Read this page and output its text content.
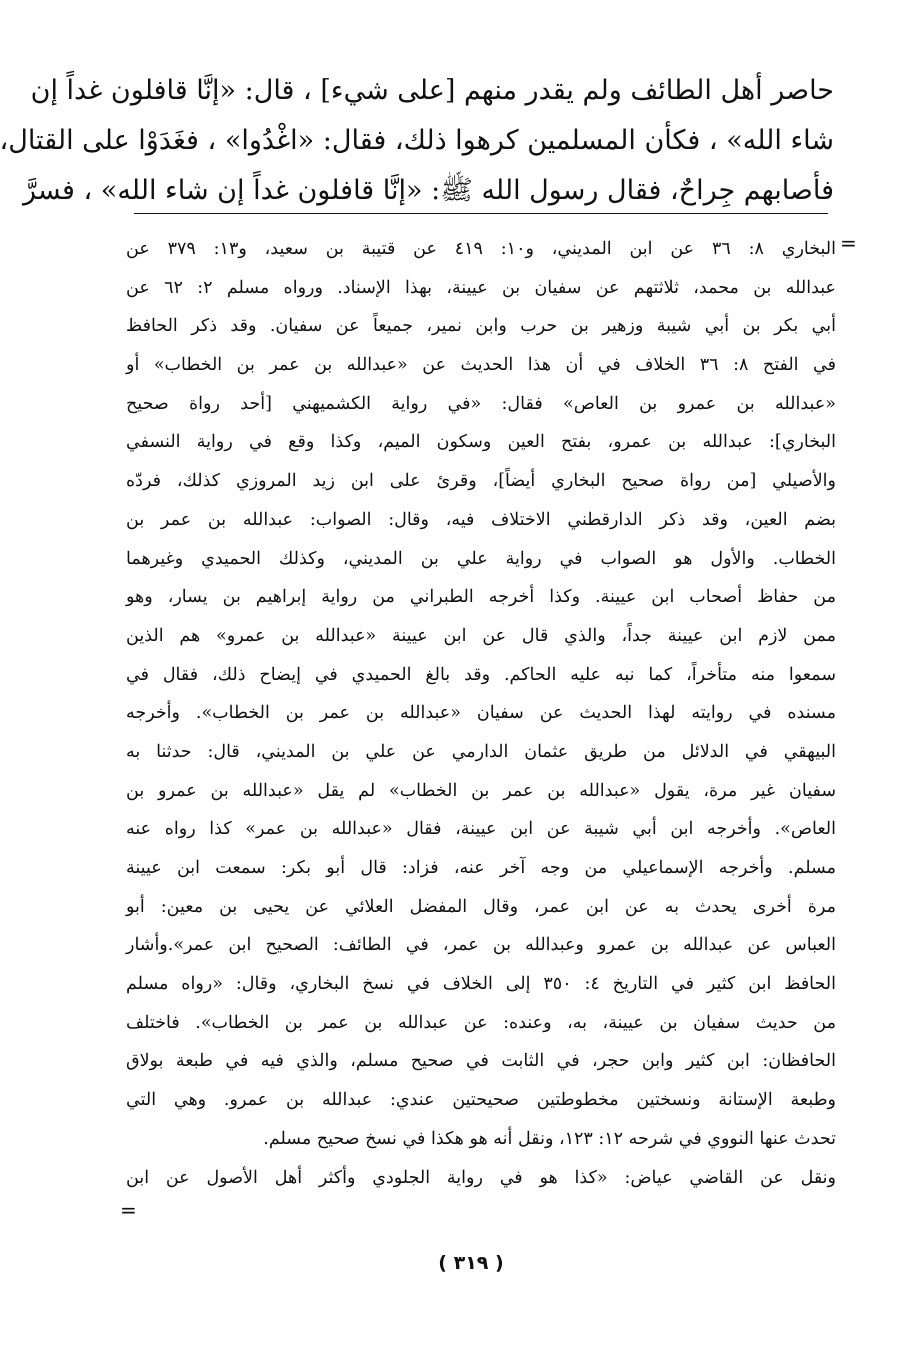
حاصر أهل الطائف ولم يقدر منهم [على شيء] ، قال: «إنَّا قافلون غداً إن
شاء الله» ، فكأن المسلمين كرهوا ذلك، فقال: «اغْدُوا» ، فغَدَوْا على القتال،
فأصابهم جِراحٌ، فقال رسول الله ﷺ: «إنَّا قافلون غداً إن شاء الله» ، فسرَّ
=
البخاري ٨: ٣٦ عن ابن المديني، و١٠: ٤١٩ عن قتيبة بن سعيد، و١٣: ٣٧٩ عن
عبدالله بن محمد، ثلاثتهم عن سفيان بن عيينة، بهذا الإسناد. ورواه مسلم ٢: ٦٢ عن
أبي بكر بن أبي شيبة وزهير بن حرب وابن نمير، جميعاً عن سفيان. وقد ذكر الحافظ
في الفتح ٨: ٣٦ الخلاف في أن هذا الحديث عن «عبدالله بن عمر بن الخطاب» أو
«عبدالله بن عمرو بن العاص» فقال: «في رواية الكشميهني [أحد رواة صحيح
البخاري]: عبدالله بن عمرو، بفتح العين وسكون الميم، وكذا وقع في رواية النسفي
والأصيلي [من رواة صحيح البخاري أيضاً]، وقرئ على ابن زيد المروزي كذلك، فردّه
بضم العين، وقد ذكر الدارقطني الاختلاف فيه، وقال: الصواب: عبدالله بن عمر بن
الخطاب. والأول هو الصواب في رواية علي بن المديني، وكذلك الحميدي وغيرهما
من حفاظ أصحاب ابن عيينة. وكذا أخرجه الطبراني من رواية إبراهيم بن يسار، وهو
ممن لازم ابن عيينة جداً، والذي قال عن ابن عيينة «عبدالله بن عمرو» هم الذين
سمعوا منه متأخراً، كما نبه عليه الحاكم. وقد بالغ الحميدي في إيضاح ذلك، فقال في
مسنده في روايته لهذا الحديث عن سفيان «عبدالله بن عمر بن الخطاب». وأخرجه
البيهقي في الدلائل من طريق عثمان الدارمي عن علي بن المديني، قال: حدثنا به
سفيان غير مرة، يقول «عبدالله بن عمر بن الخطاب» لم يقل «عبدالله بن عمرو بن
العاص». وأخرجه ابن أبي شيبة عن ابن عيينة، فقال «عبدالله بن عمر» كذا رواه عنه
مسلم. وأخرجه الإسماعيلي من وجه آخر عنه، فزاد: قال أبو بكر: سمعت ابن عيينة
مرة أخرى يحدث به عن ابن عمر، وقال المفضل العلائي عن يحيى بن معين: أبو
العباس عن عبدالله بن عمرو وعبدالله بن عمر، في الطائف: الصحيح ابن عمر».وأشار
الحافظ ابن كثير في التاريخ ٤: ٣٥٠ إلى الخلاف في نسخ البخاري، وقال: «رواه مسلم
من حديث سفيان بن عيينة، به، وعنده: عن عبدالله بن عمر بن الخطاب». فاختلف
الحافظان: ابن كثير وابن حجر، في الثابت في صحيح مسلم، والذي فيه في طبعة بولاق
وطبعة الإستانة ونسختين مخطوطتين صحيحتين عندي: عبدالله بن عمرو. وهي التي
تحدث عنها النووي في شرحه ١٢: ١٢٣، ونقل أنه هو هكذا في نسخ صحيح مسلم.
ونقل عن القاضي عياض: «كذا هو في رواية الجلودي وأكثر أهل الأصول عن ابن
=
( ٣١٩ )
